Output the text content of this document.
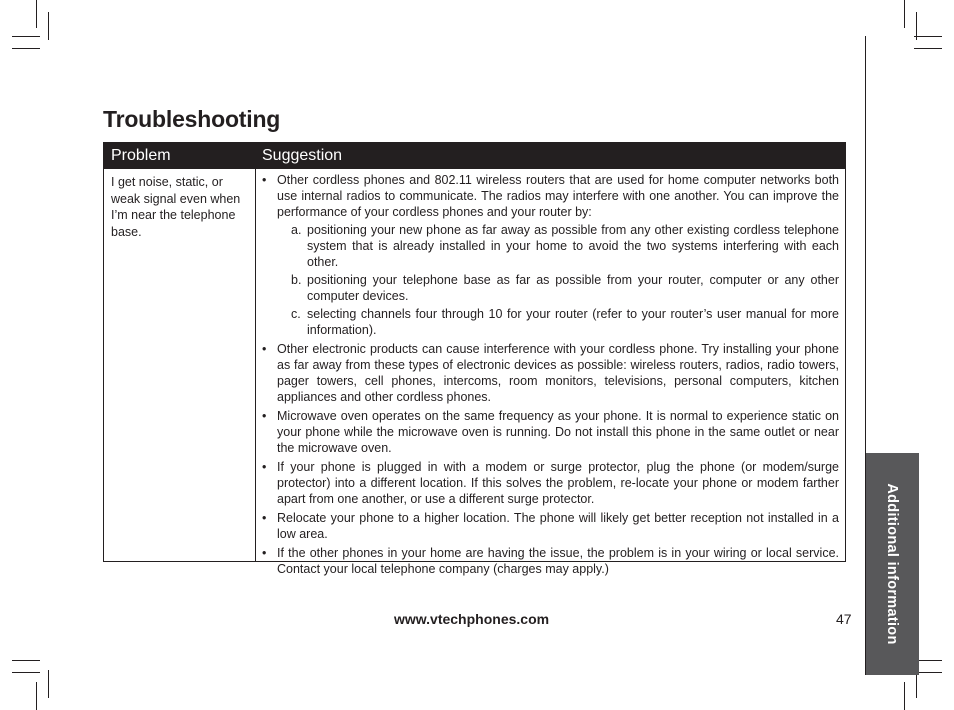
Troubleshooting
Problem	Suggestion
I get noise, static, or weak signal even when I’m near the telephone base.
• Other cordless phones and 802.11 wireless routers that are used for home computer networks both use internal radios to communicate. The radios may interfere with one another. You can improve the performance of your cordless phones and your router by:
a. positioning your new phone as far away as possible from any other existing cordless telephone system that is already installed in your home to avoid the two systems interfering with each other.
b. positioning your telephone base as far as possible from your router, computer or any other computer devices.
c. selecting channels four through 10 for your router (refer to your router’s user manual for more information).
• Other electronic products can cause interference with your cordless phone. Try installing your phone as far away from these types of electronic devices as possible: wireless routers, radios, radio towers, pager towers, cell phones, intercoms, room monitors, televisions, personal computers, kitchen appliances and other cordless phones.
• Microwave oven operates on the same frequency as your phone. It is normal to experience static on your phone while the microwave oven is running. Do not install this phone in the same outlet or near the microwave oven.
• If your phone is plugged in with a modem or surge protector, plug the phone (or modem/surge protector) into a different location. If this solves the problem, re-locate your phone or modem farther apart from one another, or use a different surge protector.
• Relocate your phone to a higher location. The phone will likely get better reception not installed in a low area.
• If the other phones in your home are having the issue, the problem is in your wiring or local service. Contact your local telephone company (charges may apply.)
www.vtechphones.com	47 Additional information
